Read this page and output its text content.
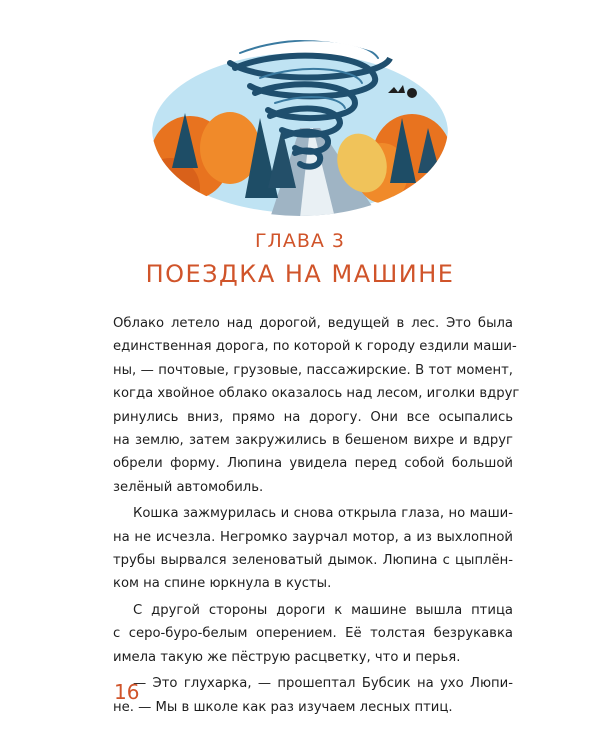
ГЛАВА 3
ПОЕЗДКА НА МАШИНЕ

Облако летело над дорогой, ведущей в лес. Это была
единственная дорога, по которой к городу ездили маши-
ны, — почтовые, грузовые, пассажирские. В тот момент,
когда хвойное облако оказалось над лесом, иголки вдруг
ринулись вниз, прямо на дорогу. Они все осыпались
на землю, затем закружились в бешеном вихре и вдруг
обрели форму. Люпина увидела перед собой большой
зелёный автомобиль.

Кошка зажмурилась и снова открыла глаза, но маши-
на не исчезла. Негромко заурчал мотор, а из выхлопной
трубы вырвался зеленоватый дымок. Люпина с цыплён-
ком на спине юркнула в кусты.

С другой стороны дороги к машине вышла птица
с серо-буро-белым оперением. Её толстая безрукавка
имела такую же пёструю расцветку, что и перья.

— Это глухарка, — прошептал Бубсик на ухо Люпи-
не. — Мы в школе как раз изучаем лесных птиц.

16
